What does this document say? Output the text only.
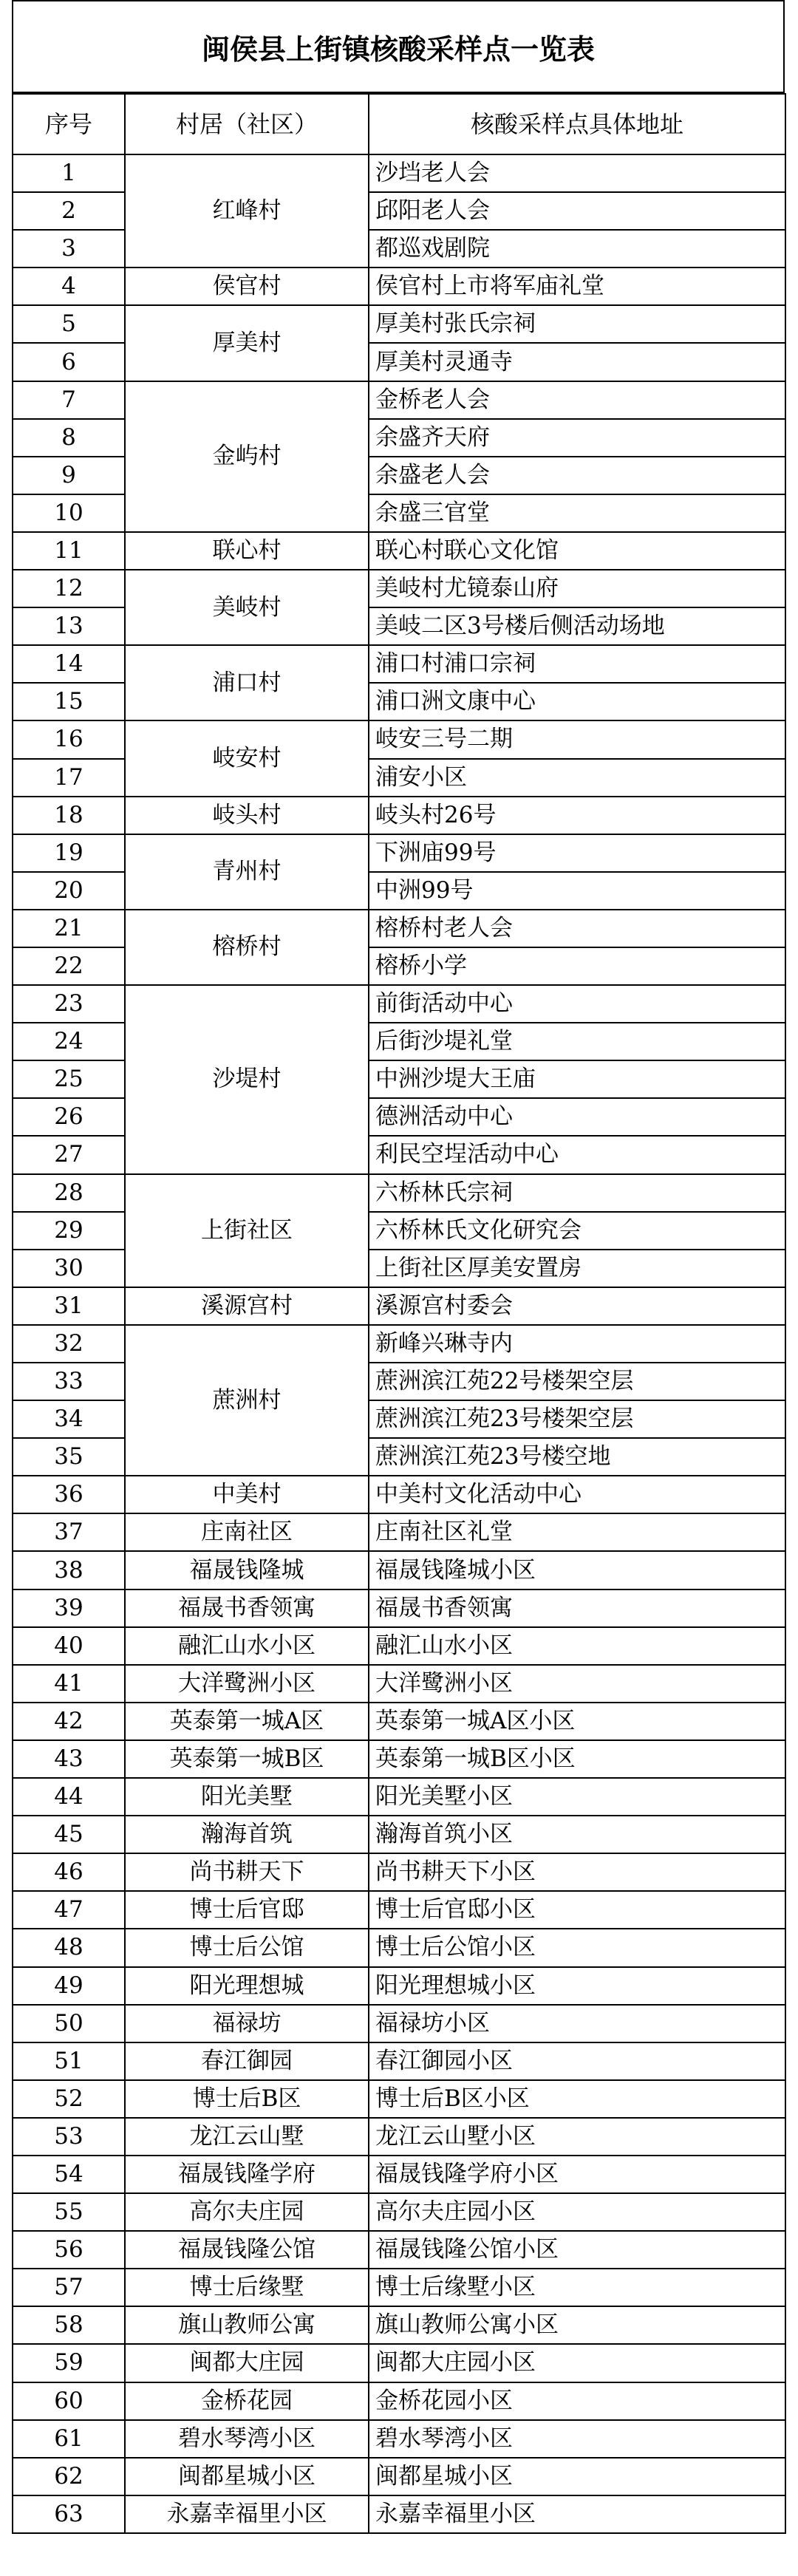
闽侯县上街镇核酸采样点一览表
序号	村居（社区）	核酸采样点具体地址
1	红峰村	沙垱老人会
2		邱阳老人会
3		都巡戏剧院
4	侯官村	侯官村上市将军庙礼堂
5	厚美村	厚美村张氏宗祠
6		厚美村灵通寺
7	金屿村	金桥老人会
8		余盛齐天府
9		余盛老人会
10		余盛三官堂
11	联心村	联心村联心文化馆
12	美岐村	美岐村尤镜泰山府
13		美岐二区3号楼后侧活动场地
14	浦口村	浦口村浦口宗祠
15		浦口洲文康中心
16	岐安村	岐安三号二期
17		浦安小区
18	岐头村	岐头村26号
19	青州村	下洲庙99号
20		中洲99号
21	榕桥村	榕桥村老人会
22		榕桥小学
23	沙堤村	前街活动中心
24		后街沙堤礼堂
25		中洲沙堤大王庙
26		德洲活动中心
27		利民空埕活动中心
28	上街社区	六桥林氏宗祠
29		六桥林氏文化研究会
30		上街社区厚美安置房
31	溪源宫村	溪源宫村委会
32	蔗洲村	新峰兴琳寺内
33		蔗洲滨江苑22号楼架空层
34		蔗洲滨江苑23号楼架空层
35		蔗洲滨江苑23号楼空地
36	中美村	中美村文化活动中心
37	庄南社区	庄南社区礼堂
38	福晟钱隆城	福晟钱隆城小区
39	福晟书香领寓	福晟书香领寓
40	融汇山水小区	融汇山水小区
41	大洋鹭洲小区	大洋鹭洲小区
42	英泰第一城A区	英泰第一城A区小区
43	英泰第一城B区	英泰第一城B区小区
44	阳光美墅	阳光美墅小区
45	瀚海首筑	瀚海首筑小区
46	尚书耕天下	尚书耕天下小区
47	博士后官邸	博士后官邸小区
48	博士后公馆	博士后公馆小区
49	阳光理想城	阳光理想城小区
50	福禄坊	福禄坊小区
51	春江御园	春江御园小区
52	博士后B区	博士后B区小区
53	龙江云山墅	龙江云山墅小区
54	福晟钱隆学府	福晟钱隆学府小区
55	高尔夫庄园	高尔夫庄园小区
56	福晟钱隆公馆	福晟钱隆公馆小区
57	博士后缘墅	博士后缘墅小区
58	旗山教师公寓	旗山教师公寓小区
59	闽都大庄园	闽都大庄园小区
60	金桥花园	金桥花园小区
61	碧水琴湾小区	碧水琴湾小区
62	闽都星城小区	闽都星城小区
63	永嘉幸福里小区	永嘉幸福里小区
